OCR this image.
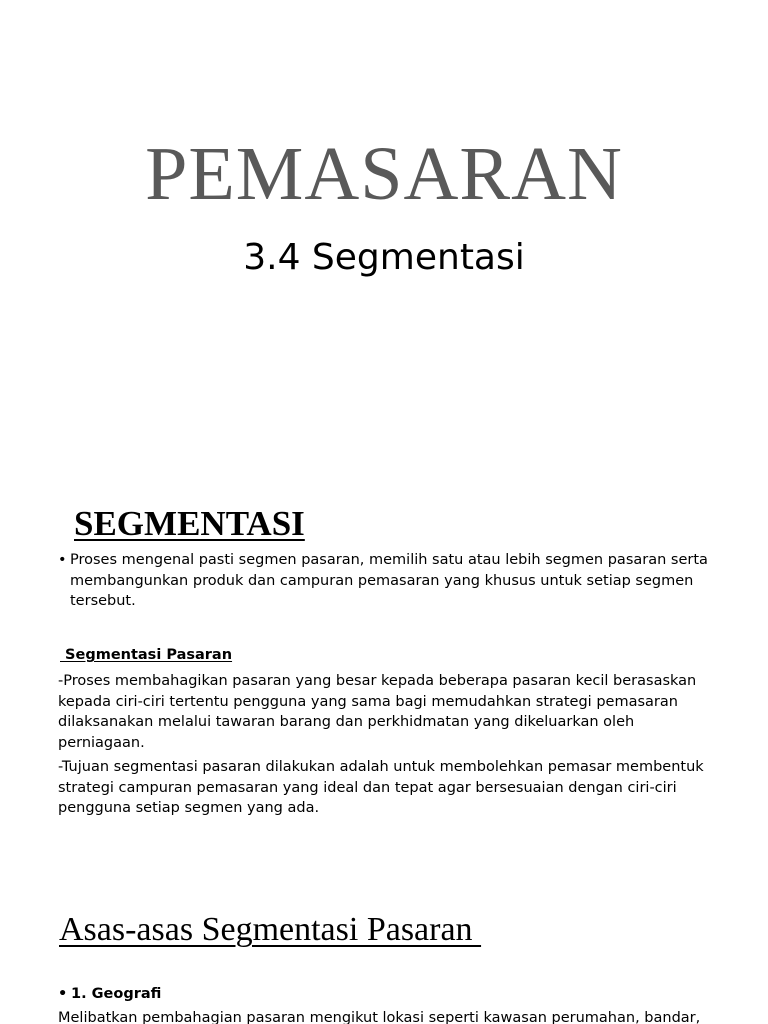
PEMASARAN
3.4 Segmentasi
SEGMENTASI
• Proses mengenal pasti segmen pasaran, memilih satu atau lebih segmen pasaran serta membangunkan produk dan campuran pemasaran yang khusus untuk setiap segmen tersebut.
Segmentasi Pasaran
-Proses membahagikan pasaran yang besar kepada beberapa pasaran kecil berasaskan
kepada ciri-ciri tertentu pengguna yang sama bagi memudahkan strategi pemasaran
dilaksanakan melalui tawaran barang dan perkhidmatan yang dikeluarkan oleh
perniagaan.
-Tujuan segmentasi pasaran dilakukan adalah untuk membolehkan pemasar membentuk strategi campuran pemasaran yang ideal dan tepat agar bersesuaian dengan ciri-ciri pengguna setiap segmen yang ada.
Asas-asas Segmentasi Pasaran
• 1. Geografi
Melibatkan pembahagian pasaran mengikut lokasi seperti kawasan perumahan, bandar,
